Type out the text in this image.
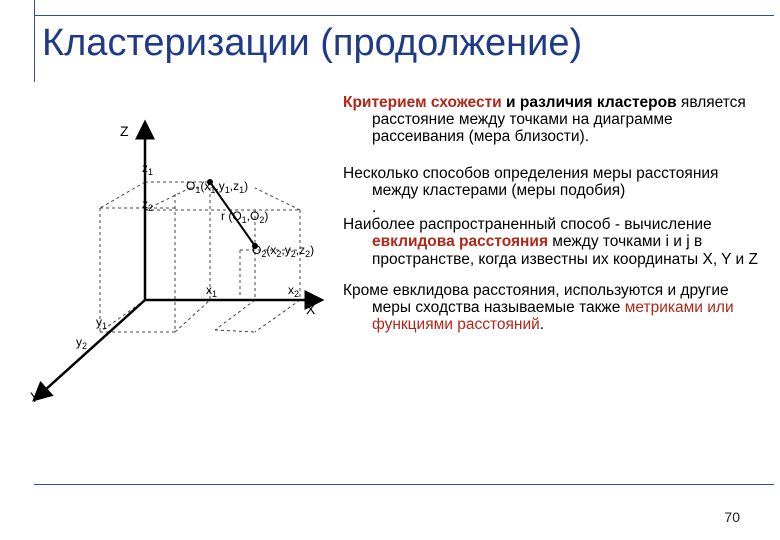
Кластеризации (продолжение)
Z
X
Y
$z_1$
$z_2$
$x_1$	$x_2$
$y_1$
$y_2$
$O_1(x_1,y_1,z_1)$
$O_2(x_2,y_2,z_2)$
r $(O_1,O_2)$

Критерием схожести и различия кластеров является расстояние между точками на диаграмме рассеивания (мера близости).

Несколько способов определения меры расстояния между кластерами (меры подобия)
.

Наиболее распространенный способ - вычисление евклидова расстояния между точками i и j в пространстве, когда известны их координаты X, Y и Z

Кроме евклидова расстояния, используются и другие меры сходства называемые также метриками или функциями расстояний.

70
